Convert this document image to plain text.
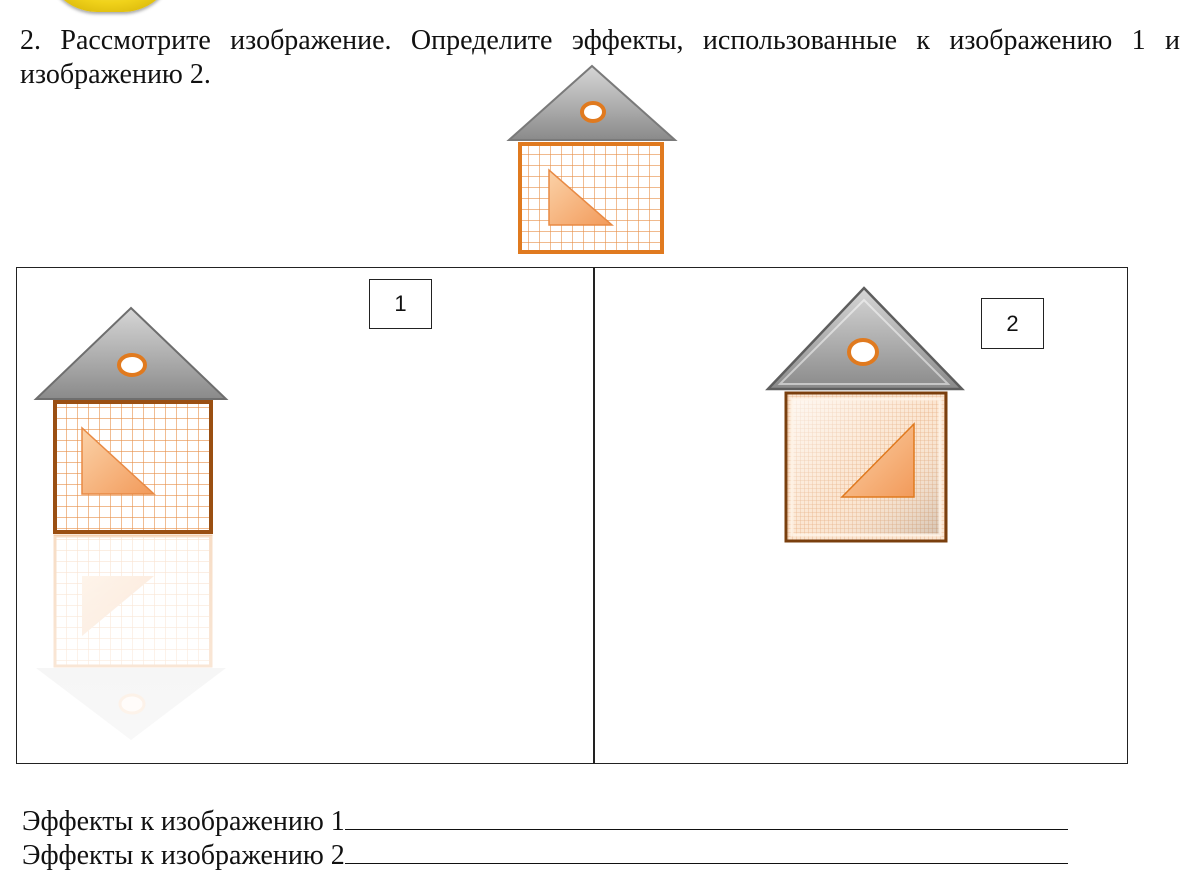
2. Рассмотрите изображение. Определите эффекты, использованные к изображению 1 и изображению 2.
1
2
Эффекты к изображению 1
Эффекты к изображению 2
